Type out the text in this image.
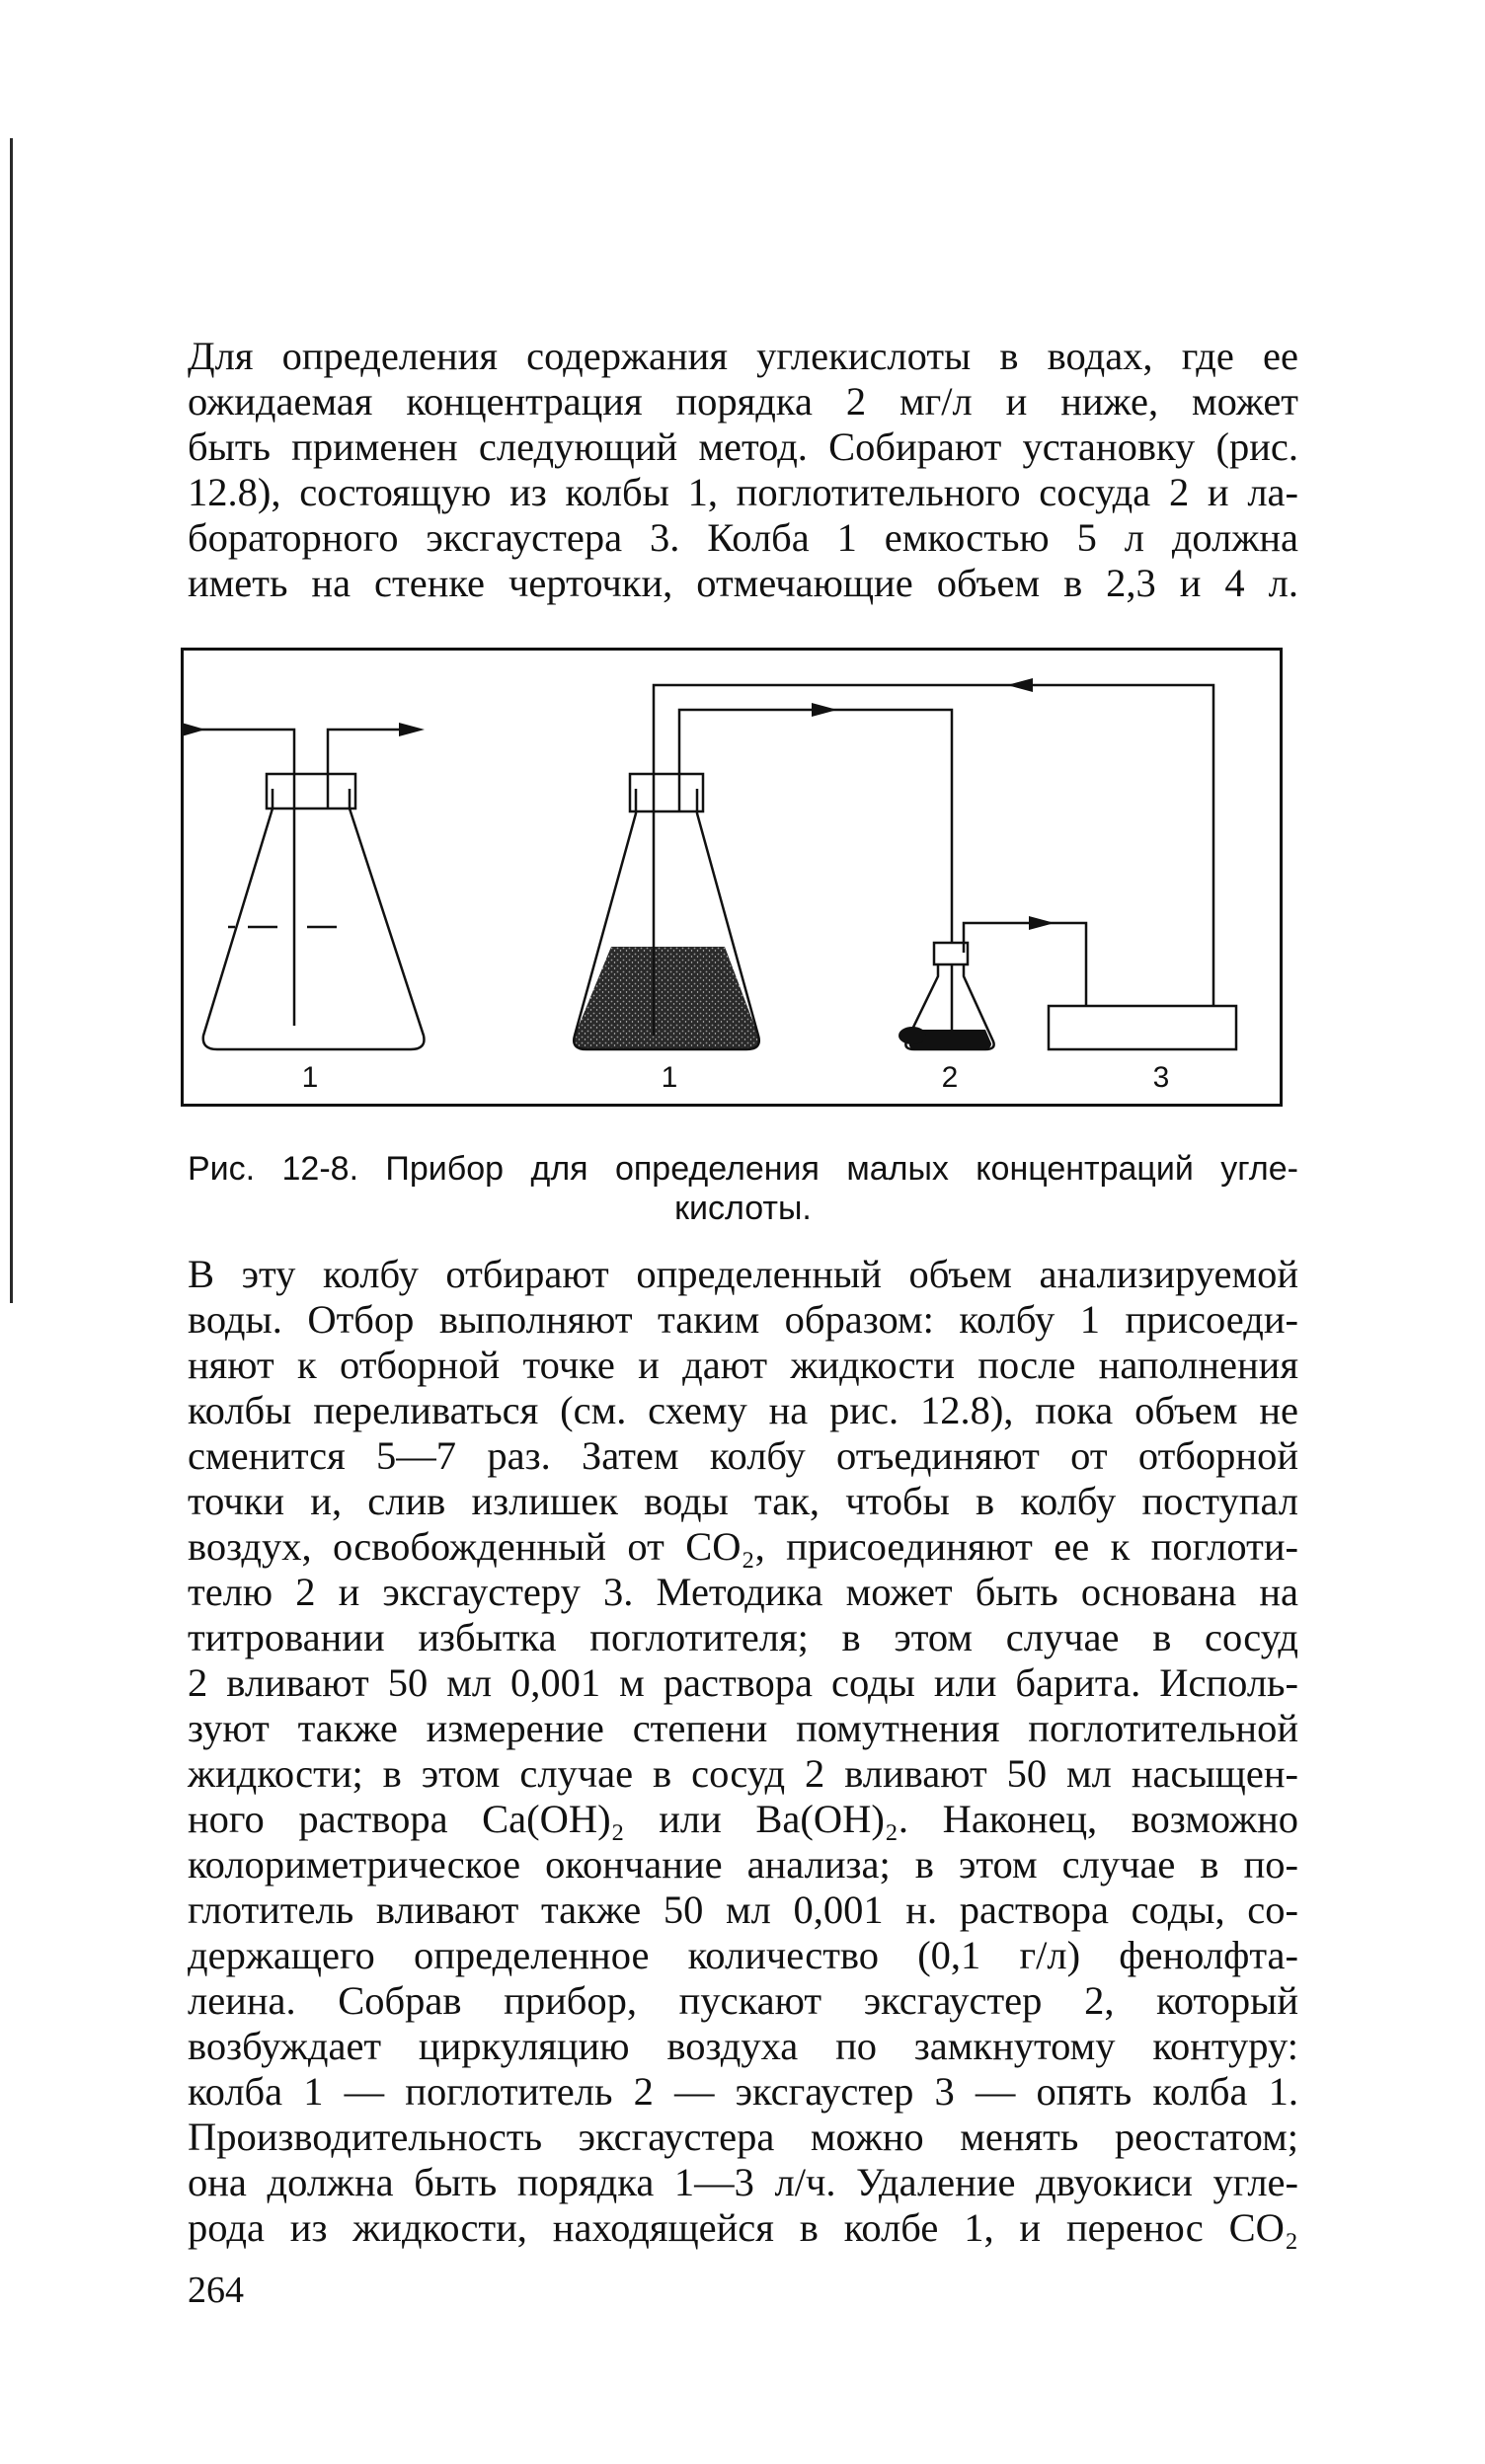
Для определения содержания углекислоты в водах, где ее

ожидаемая концентрация порядка 2 мг/л и ниже, может

быть применен следующий метод. Собирают установку (рис.

12.8), состоящую из колбы 1, поглотительного сосуда 2 и ла-

бораторного эксгаустера 3. Колба 1 емкостью 5 л должна

иметь на стенке черточки, отмечающие объем в 2,3 и 4 л.

1	1	2	3
Рис. 12-8. Прибор для определения малых концентраций угле-
кислоты.

В эту колбу отбирают определенный объем анализируемой

воды. Отбор выполняют таким образом: колбу 1 присоеди-

няют к отборной точке и дают жидкости после наполнения

колбы переливаться (см. схему на рис. 12.8), пока объем не

сменится 5—7 раз. Затем колбу отъединяют от отборной

точки и, слив излишек воды так, чтобы в колбу поступал

воздух, освобожденный от CO₂, присоединяют ее к поглоти-

телю 2 и эксгаустеру 3. Методика может быть основана на

титровании избытка поглотителя; в этом случае в сосуд

2 вливают 50 мл 0,001 м раствора соды или барита. Исполь-

зуют также измерение степени помутнения поглотительной

жидкости; в этом случае в сосуд 2 вливают 50 мл насыщен-

ного раствора Ca(OH)₂ или Ba(OH)₂. Наконец, возможно

колориметрическое окончание анализа; в этом случае в по-

глотитель вливают также 50 мл 0,001 н. раствора соды, со-

держащего определенное количество (0,1 г/л) фенолфта-

леина. Собрав прибор, пускают эксгаустер 2, который

возбуждает циркуляцию воздуха по замкнутому контуру:

колба 1 — поглотитель 2 — эксгаустер 3 — опять колба 1.

Производительность эксгаустера можно менять реостатом;

она должна быть порядка 1—3 л/ч. Удаление двуокиси угле-

рода из жидкости, находящейся в колбе 1, и перенос CO₂

264
